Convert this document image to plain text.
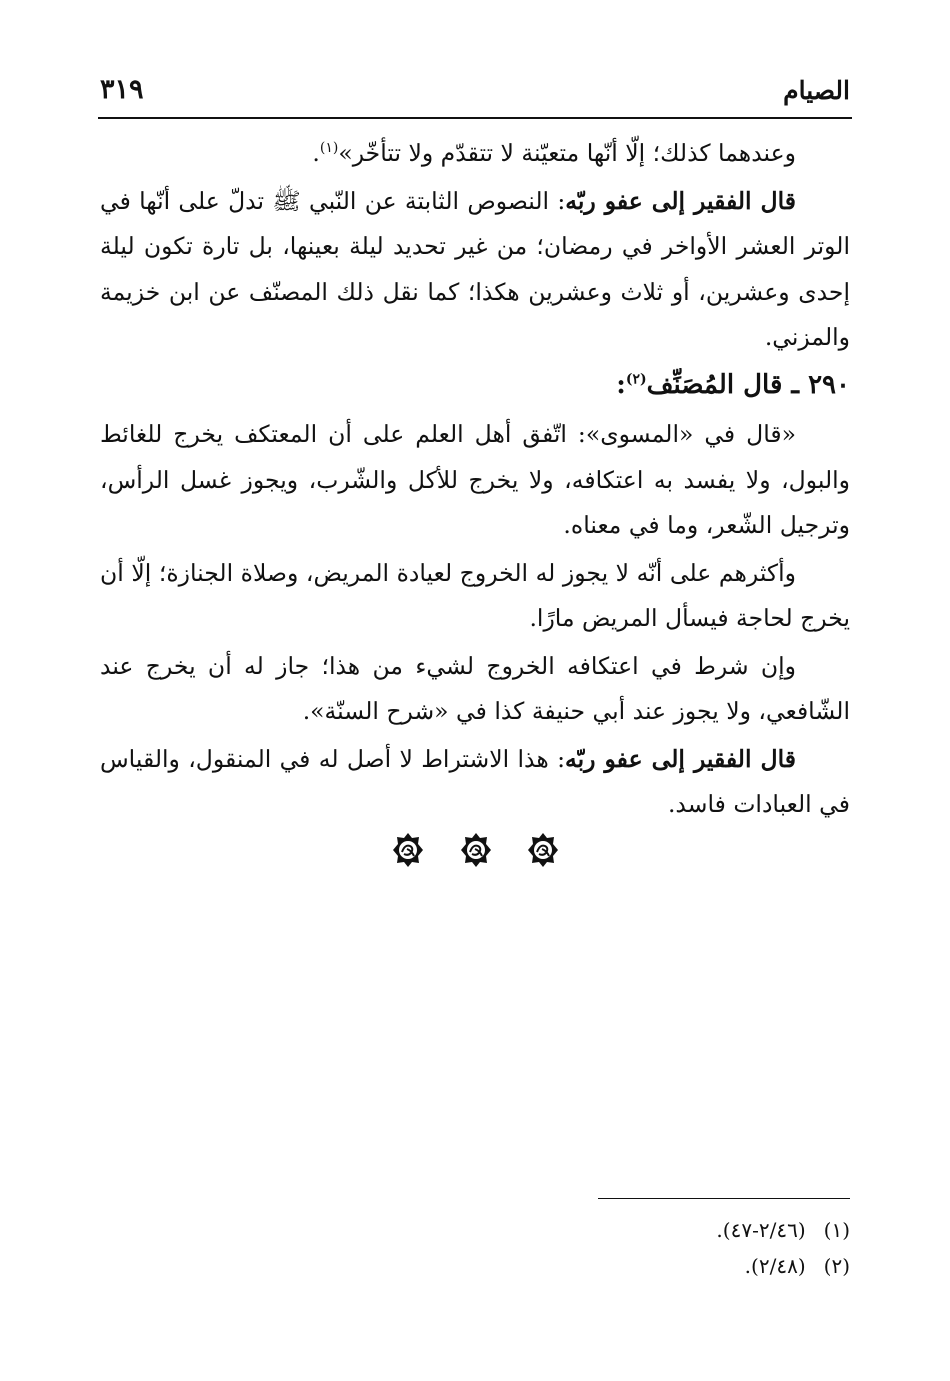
الصيام
٣١٩

وعندهما كذلك؛ إلّا أنّها متعيّنة لا تتقدّم ولا تتأخّر»$^{(١)}$.

قال الفقير إلى عفو ربّه: النصوص الثابتة عن النّبي ﷺ تدلّ على أنّها في الوتر العشر الأواخر في رمضان؛ من غير تحديد ليلة بعينها، بل تارة تكون ليلة إحدى وعشرين، أو ثلاث وعشرين هكذا؛ كما نقل ذلك المصنّف عن ابن خزيمة والمزني.

٢٩٠ ـ قال المُصَنِّف$^{(٢)}$:

«قال في «المسوى»: اتّفق أهل العلم على أن المعتكف يخرج للغائط والبول، ولا يفسد به اعتكافه، ولا يخرج للأكل والشّرب، ويجوز غسل الرأس، وترجيل الشّعر، وما في معناه.

وأكثرهم على أنّه لا يجوز له الخروج لعيادة المريض، وصلاة الجنازة؛ إلّا أن يخرج لحاجة فيسأل المريض مارًا.

وإن شرط في اعتكافه الخروج لشيء من هذا؛ جاز له أن يخرج عند الشّافعي، ولا يجوز عند أبي حنيفة كذا في «شرح السنّة».

قال الفقير إلى عفو ربّه: هذا الاشتراط لا أصل له في المنقول، والقياس في العبادات فاسد.

(١)(٢/٤٦-٤٧).
(٢)(٢/٤٨).
